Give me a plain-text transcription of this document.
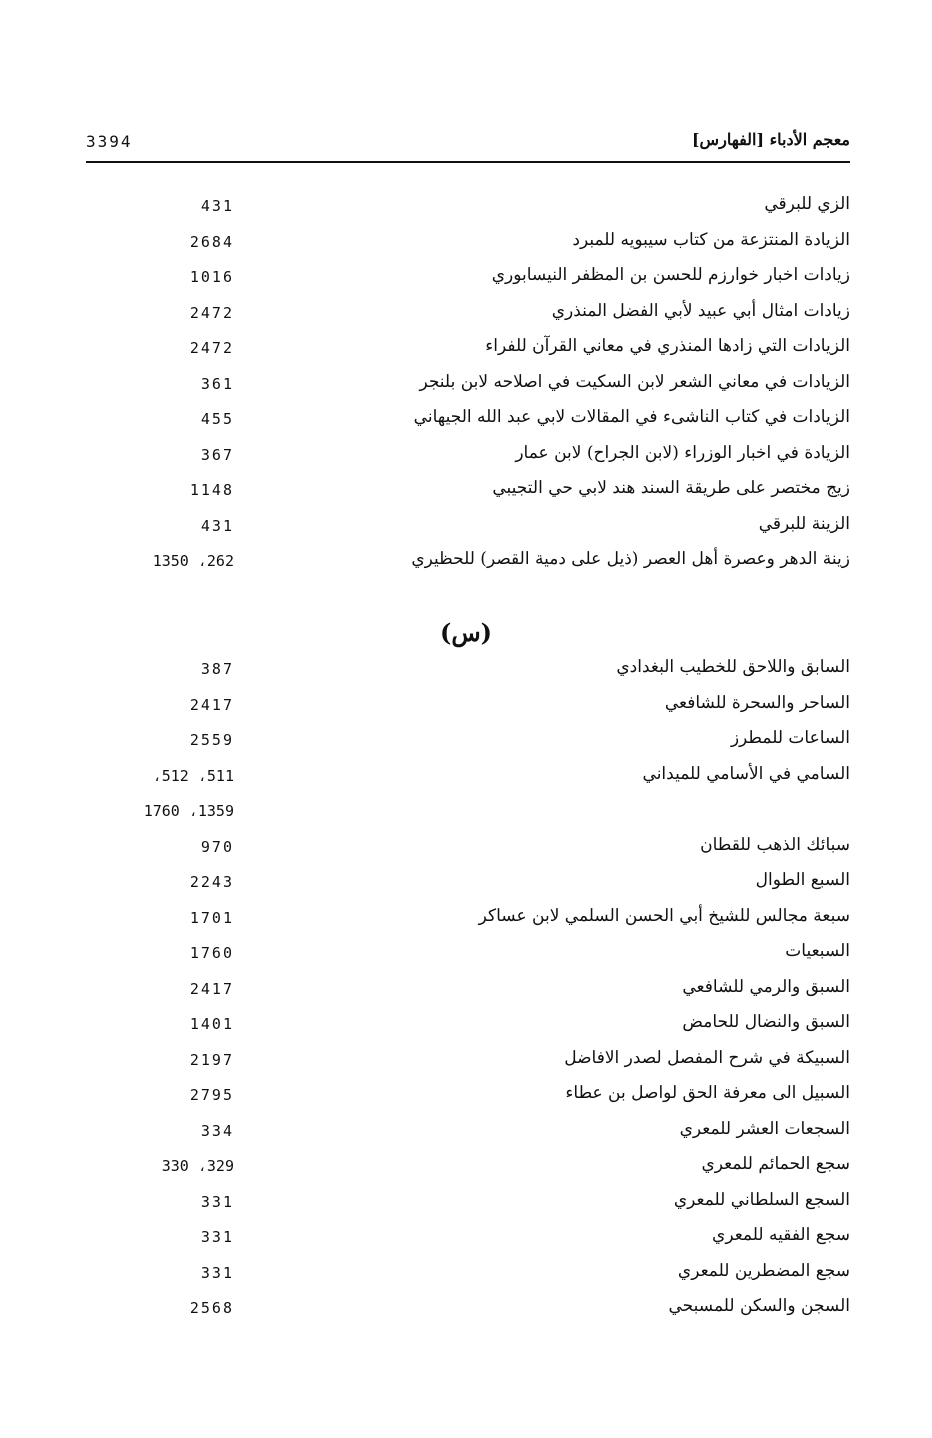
3394	معجم الأدباء [الفهارس]
الزي للبرقي
431
الزيادة المنتزعة من كتاب سيبويه للمبرد
2684
زيادات اخبار خوارزم للحسن بن المظفر النيسابوري
1016
زيادات امثال أبي عبيد لأبي الفضل المنذري
2472
الزيادات التي زادها المنذري في معاني القرآن للفراء
2472
الزيادات في معاني الشعر لابن السكيت في اصلاحه لابن بلنجر
361
الزيادات في كتاب الناشىء في المقالات لابي عبد الله الجيهاني
455
الزيادة في اخبار الوزراء (لابن الجراح) لابن عمار
367
زيج مختصر على طريقة السند هند لابي حي التجيبي
1148
الزينة للبرقي
431
زينة الدهر وعصرة أهل العصر (ذيل على دمية القصر) للحظيري
262، 1350
(س)
السابق واللاحق للخطيب البغدادي
387
الساحر والسحرة للشافعي
2417
الساعات للمطرز
2559
السامي في الأسامي للميداني
511، 512،
1359، 1760
سبائك الذهب للقطان
970
السبع الطوال
2243
سبعة مجالس للشيخ أبي الحسن السلمي لابن عساكر
1701
السبعيات
1760
السبق والرمي للشافعي
2417
السبق والنضال للحامض
1401
السبيكة في شرح المفصل لصدر الافاضل
2197
السبيل الى معرفة الحق لواصل بن عطاء
2795
السجعات العشر للمعري
334
سجع الحمائم للمعري
329، 330
السجع السلطاني للمعري
331
سجع الفقيه للمعري
331
سجع المضطرين للمعري
331
السجن والسكن للمسبحي
2568
